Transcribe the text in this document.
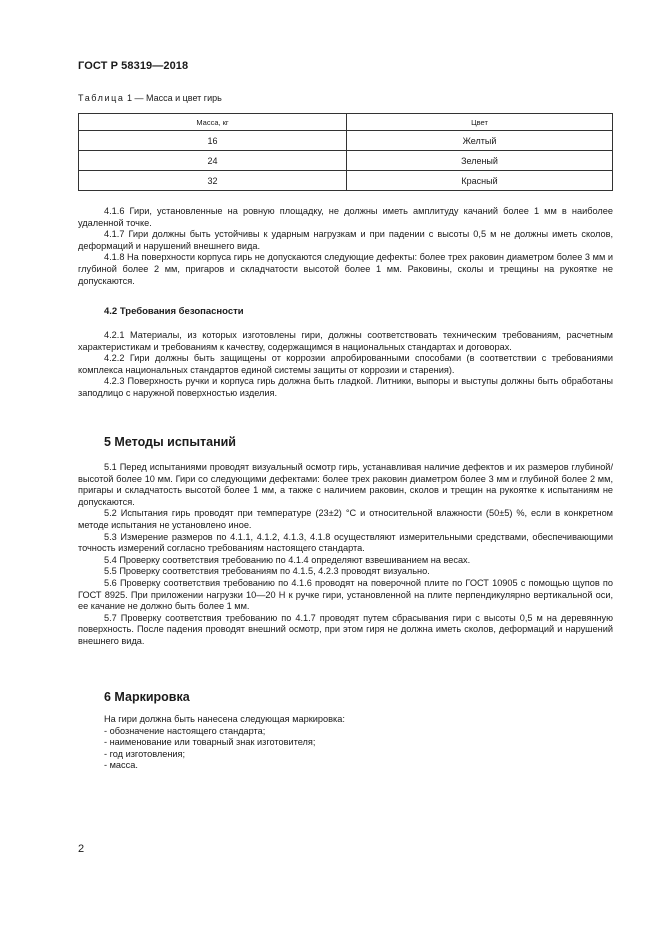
ГОСТ Р 58319—2018
Таблица 1 — Масса и цвет гирь
Масса, кг	Цвет
16	Желтый
24	Зеленый
32	Красный

4.1.6 Гири, установленные на ровную площадку, не должны иметь амплитуду качаний более 1 мм в наиболее удаленной точке.

4.1.7 Гири должны быть устойчивы к ударным нагрузкам и при падении с высоты 0,5 м не должны иметь сколов, деформаций и нарушений внешнего вида.

4.1.8 На поверхности корпуса гирь не допускаются следующие дефекты: более трех раковин диаметром более 3 мм и глубиной более 2 мм, пригаров и складчатости высотой более 1 мм. Раковины, сколы и трещины на рукоятке не допускаются.

4.2 Требования безопасности

4.2.1 Материалы, из которых изготовлены гири, должны соответствовать техническим требованиям, расчетным характеристикам и требованиям к качеству, содержащимся в национальных стандартах и договорах.

4.2.2 Гири должны быть защищены от коррозии апробированными способами (в соответствии с требованиями комплекса национальных стандартов единой системы защиты от коррозии и старения).

4.2.3 Поверхность ручки и корпуса гирь должна быть гладкой. Литники, выпоры и выступы должны быть обработаны заподлицо с наружной поверхностью изделия.

5 Методы испытаний

5.1 Перед испытаниями проводят визуальный осмотр гирь, устанавливая наличие дефектов и их размеров глубиной/высотой более 10 мм. Гири со следующими дефектами: более трех раковин диаметром более 3 мм и глубиной более 2 мм, пригары и складчатость высотой более 1 мм, а также с наличием раковин, сколов и трещин на рукоятке к испытаниям не допускаются.

5.2 Испытания гирь проводят при температуре (23±2) °С и относительной влажности (50±5) %, если в конкретном методе испытания не установлено иное.

5.3 Измерение размеров по 4.1.1, 4.1.2, 4.1.3, 4.1.8 осуществляют измерительными средствами, обеспечивающими точность измерений согласно требованиям настоящего стандарта.

5.4 Проверку соответствия требованию по 4.1.4 определяют взвешиванием на весах.

5.5 Проверку соответствия требованиям по 4.1.5, 4.2.3 проводят визуально.

5.6 Проверку соответствия требованию по 4.1.6 проводят на поверочной плите по ГОСТ 10905 с помощью щупов по ГОСТ 8925. При приложении нагрузки 10—20 Н к ручке гири, установленной на плите перпендикулярно вертикальной оси, ее качание не должно быть более 1 мм.

5.7 Проверку соответствия требованию по 4.1.7 проводят путем сбрасывания гири с высоты 0,5 м на деревянную поверхность. После падения проводят внешний осмотр, при этом гиря не должна иметь сколов, деформаций и нарушений внешнего вида.

6 Маркировка
На гири должна быть нанесена следующая маркировка:
- обозначение настоящего стандарта;
- наименование или товарный знак изготовителя;
- год изготовления;
- масса.
2
